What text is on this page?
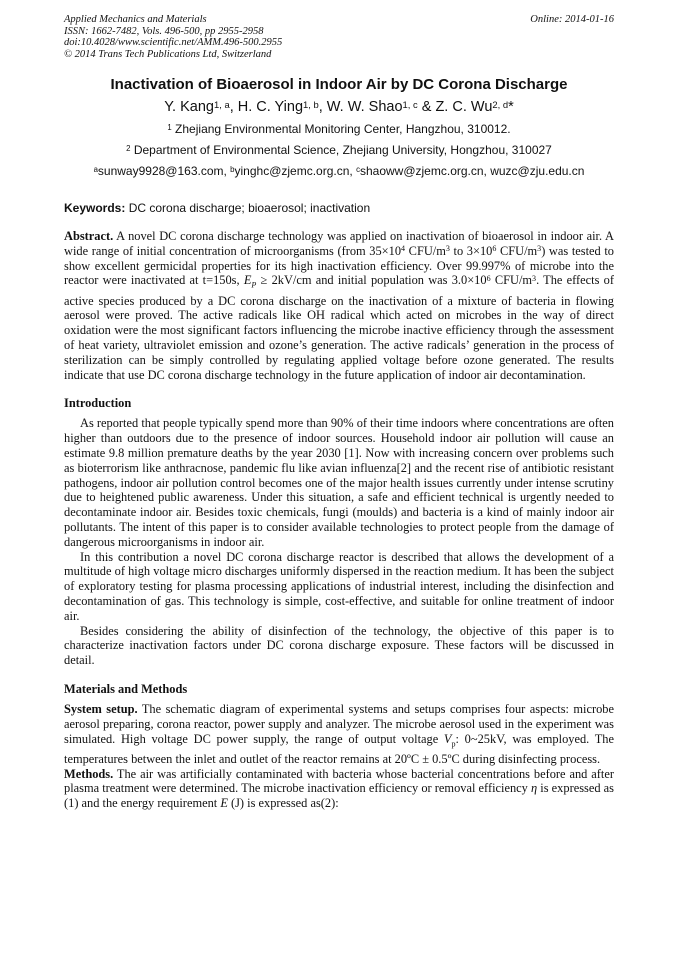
Applied Mechanics and Materials
ISSN: 1662-7482, Vols. 496-500, pp 2955-2958
doi:10.4028/www.scientific.net/AMM.496-500.2955
© 2014 Trans Tech Publications Ltd, Switzerland
Online: 2014-01-16
Inactivation of Bioaerosol in Indoor Air by DC Corona Discharge
Y. Kang$^{1, a}$, H. C. Ying$^{1, b}$, W. W. Shao$^{1, c}$ & Z. C. Wu$^{2, d}$*
$^1$ Zhejiang Environmental Monitoring Center, Hangzhou, 310012.
$^2$ Department of Environmental Science, Zhejiang University, Hongzhou, 310027
$^a$sunway9928@163.com, $^b$yinghc@zjemc.org.cn, $^c$shaoww@zjemc.org.cn, wuzc@zju.edu.cn
Keywords: DC corona discharge; bioaerosol; inactivation

Abstract. A novel DC corona discharge technology was applied on inactivation of bioaerosol in indoor air. A wide range of initial concentration of microorganisms (from $35\times 10^4$ CFU/$m^3$ to $3\times 10^6$ CFU/$m^3$) was tested to show excellent germicidal properties for its high inactivation efficiency. Over 99.997% of microbe into the reactor were inactivated at t=150s, $E_P \ge 2kV/cm$ and initial population was $3.0\times 10^6$ CFU/$m^3$. The effects of active species produced by a DC corona discharge on the inactivation of a mixture of bacteria in flowing aerosol were proved. The active radicals like OH radical which acted on microbes in the way of direct oxidation were the most significant factors influencing the microbe inactive efficiency through the assessment of heat variety, ultraviolet emission and ozone’s generation. The active radicals’ generation in the process of sterilization can be simply controlled by regulating applied voltage before ozone generated. The results indicate that use DC corona discharge technology in the future application of indoor air decontamination.

Introduction

As reported that people typically spend more than 90% of their time indoors where concentrations are often higher than outdoors due to the presence of indoor sources. Household indoor air pollution will cause an estimate 9.8 million premature deaths by the year 2030 [1]. Now with increasing concern over problems such as bioterrorism like anthracnose, pandemic flu like avian influenza[2] and the recent rise of antibiotic resistant pathogens, indoor air pollution control becomes one of the major health issues currently under intense scrutiny due to heightened public awareness. Under this situation, a safe and efficient technical is urgently needed to decontaminate indoor air. Besides toxic chemicals, fungi (moulds) and bacteria is a kind of mainly indoor air pollutants. The intent of this paper is to consider available technologies to protect people from the damage of dangerous microorganisms in indoor air.

In this contribution a novel DC corona discharge reactor is described that allows the development of a multitude of high voltage micro discharges uniformly dispersed in the reaction medium. It has been the subject of exploratory testing for plasma processing applications of industrial interest, including the disinfection and decontamination of gas. This technology is simple, cost-effective, and suitable for online treatment of indoor air.

Besides considering the ability of disinfection of the technology, the objective of this paper is to characterize inactivation factors under DC corona discharge exposure. These factors will be discussed in detail.

Materials and Methods

System setup. The schematic diagram of experimental systems and setups comprises four aspects: microbe aerosol preparing, corona reactor, power supply and analyzer. The microbe aerosol used in the experiment was simulated. High voltage DC power supply, the range of output voltage $V_p$: 0~25kV, was employed. The temperatures between the inlet and outlet of the reactor remains at 20ºC ± 0.5ºC during disinfecting process.

Methods. The air was artificially contaminated with bacteria whose bacterial concentrations before and after plasma treatment were determined. The microbe inactivation efficiency or removal efficiency η is expressed as (1) and the energy requirement E (J) is expressed as(2):
